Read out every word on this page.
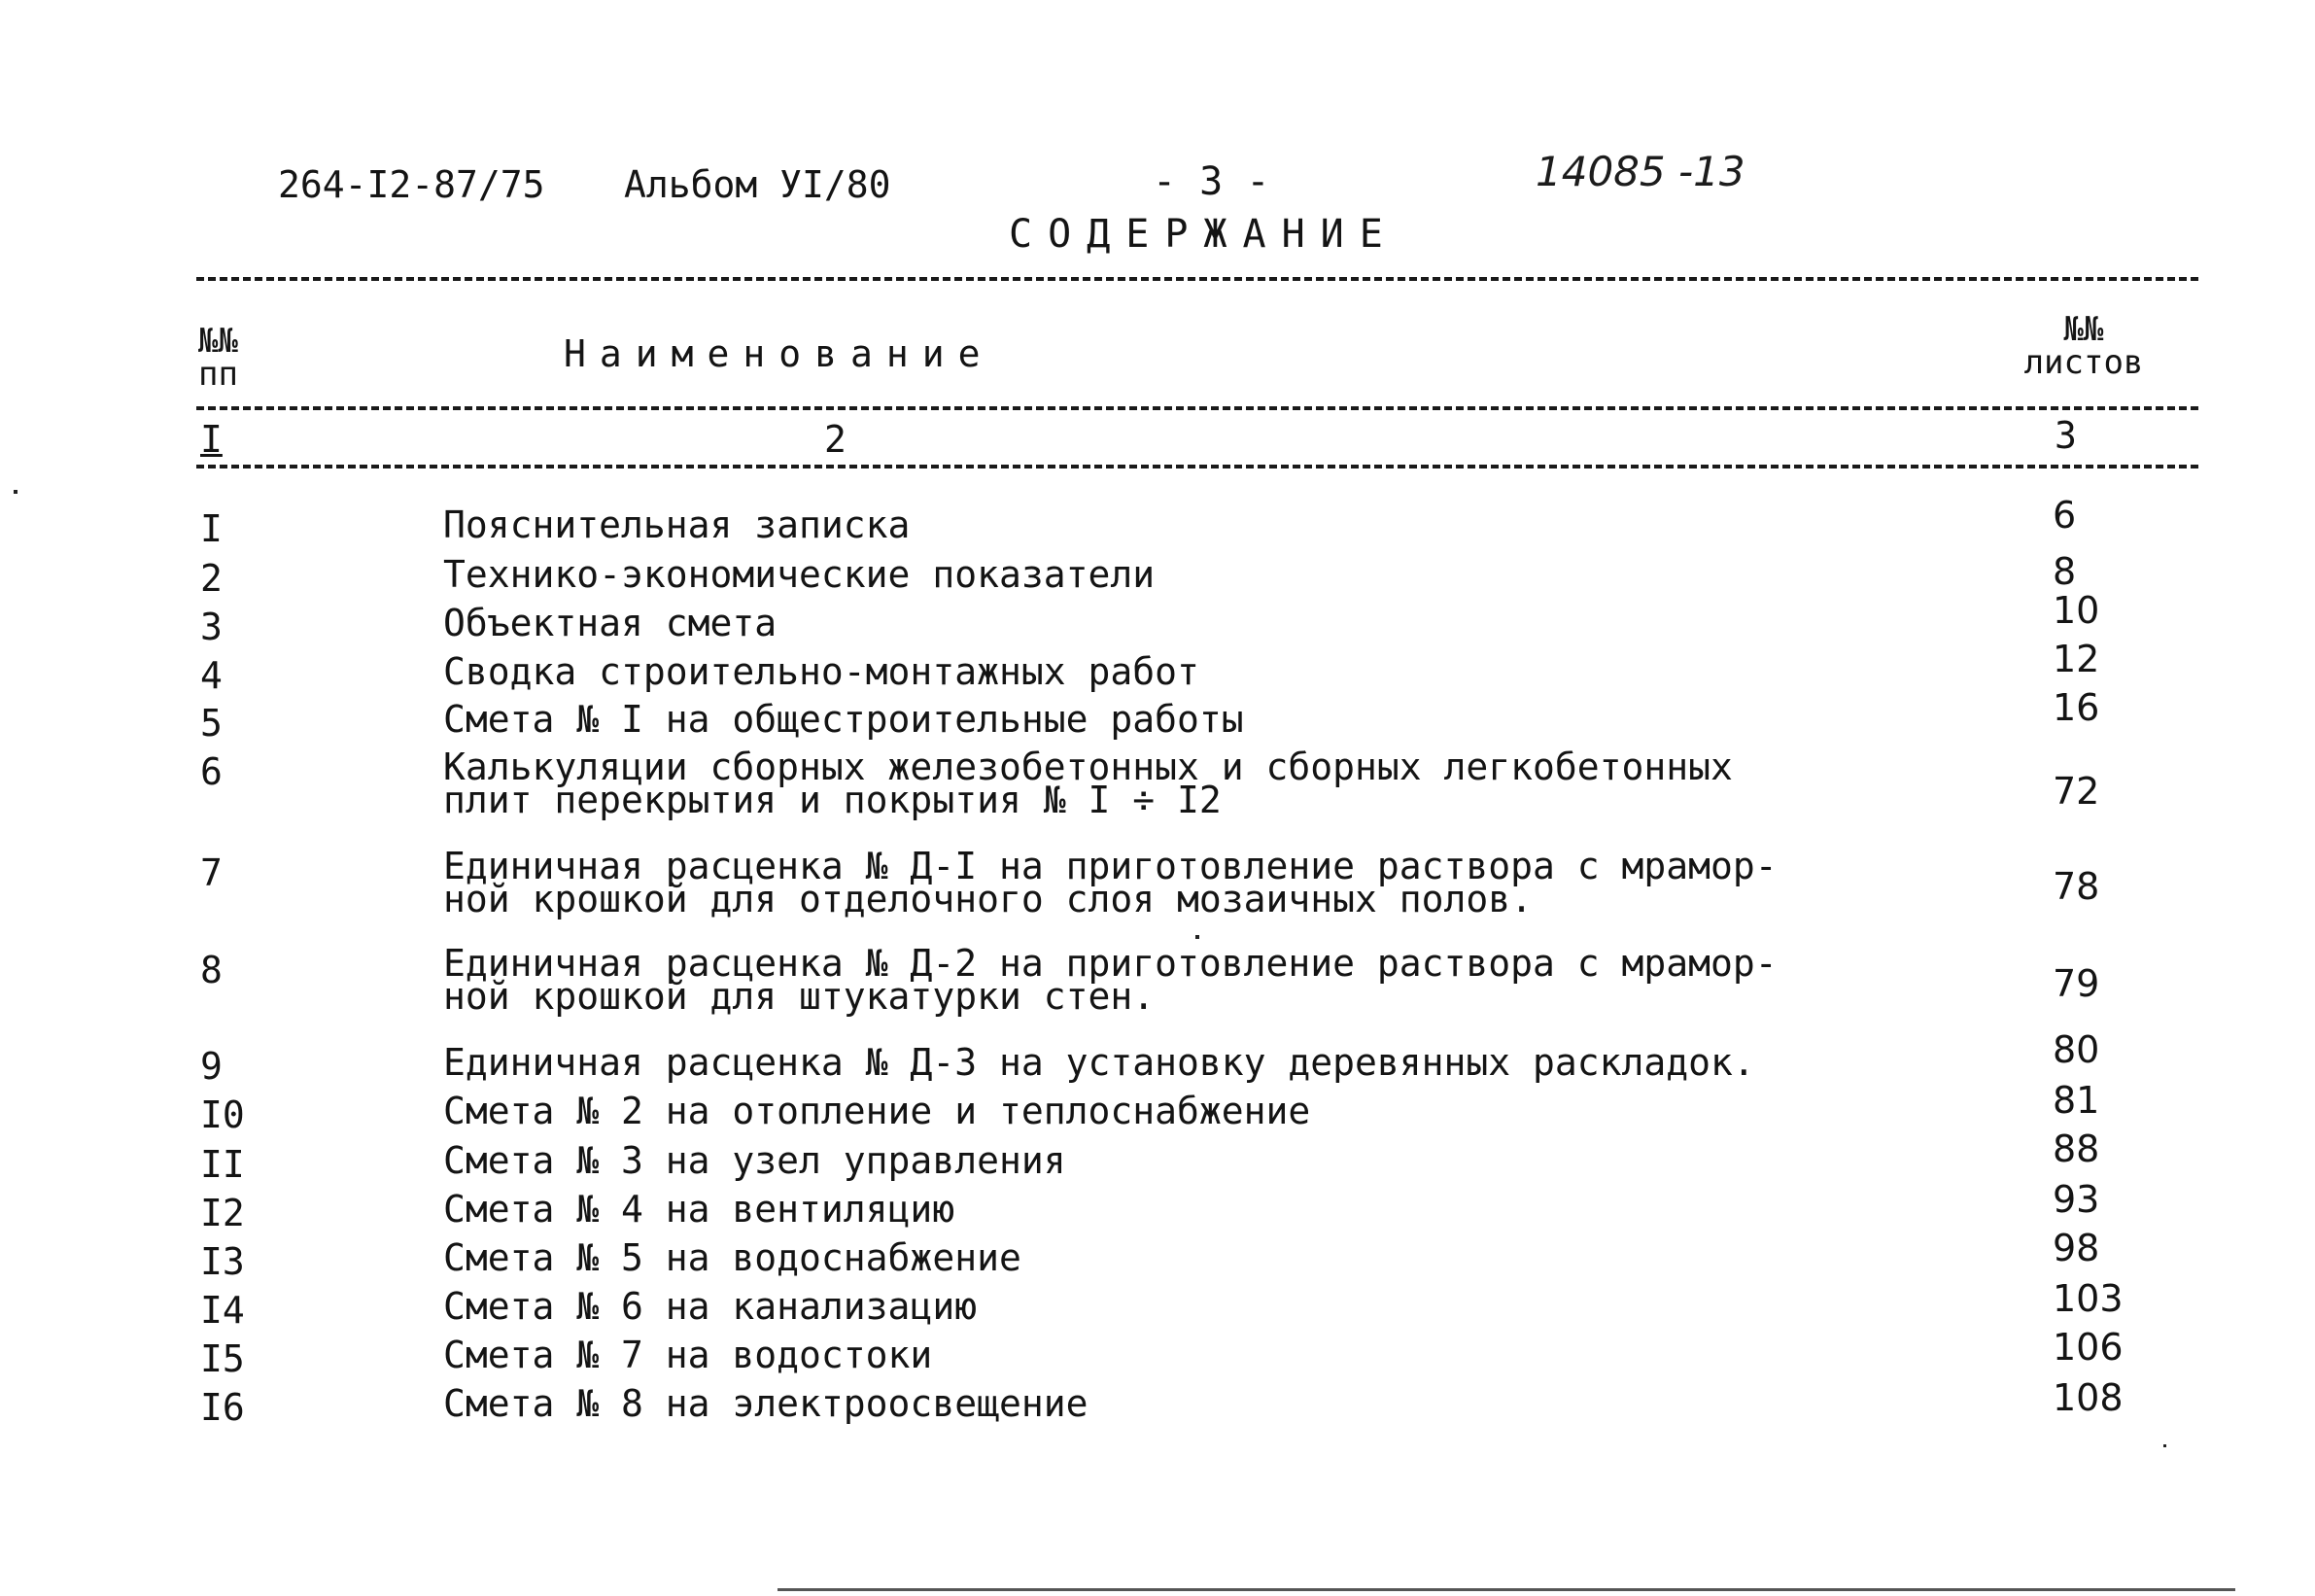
264-I2-87/75 Альбом УI/80	- 3 -	14085 -13
СОДЕРЖАНИЕ
№№ пп	Наименование
№№ листов
I	2	3
I	Пояснительная записка	6
2	Технико-экономические показатели	8
3	Объектная смета	10
4	Сводка строительно-монтажных работ	12
5	Смета № I на общестроительные работы	16
6	Калькуляции сборных железобетонных и сборных легкобетонных
плит перекрытия и покрытия № I ÷ I2	72
7	Единичная расценка № Д-I на приготовление раствора с мрамор-
ной крошкой для отделочного слоя мозаичных полов.	78
8	Единичная расценка № Д-2 на приготовление раствора с мрамор-
ной крошкой для штукатурки стен.	79
9	Единичная расценка № Д-3 на установку деревянных раскладок.	80
I0	Смета № 2 на отопление и теплоснабжение	81
II	Смета № 3 на узел управления	88
I2	Смета № 4 на вентиляцию	93
I3	Смета № 5 на водоснабжение	98
I4	Смета № 6 на канализацию	103
I5	Смета № 7 на водостоки	106
I6	Смета № 8 на электроосвещение	108
